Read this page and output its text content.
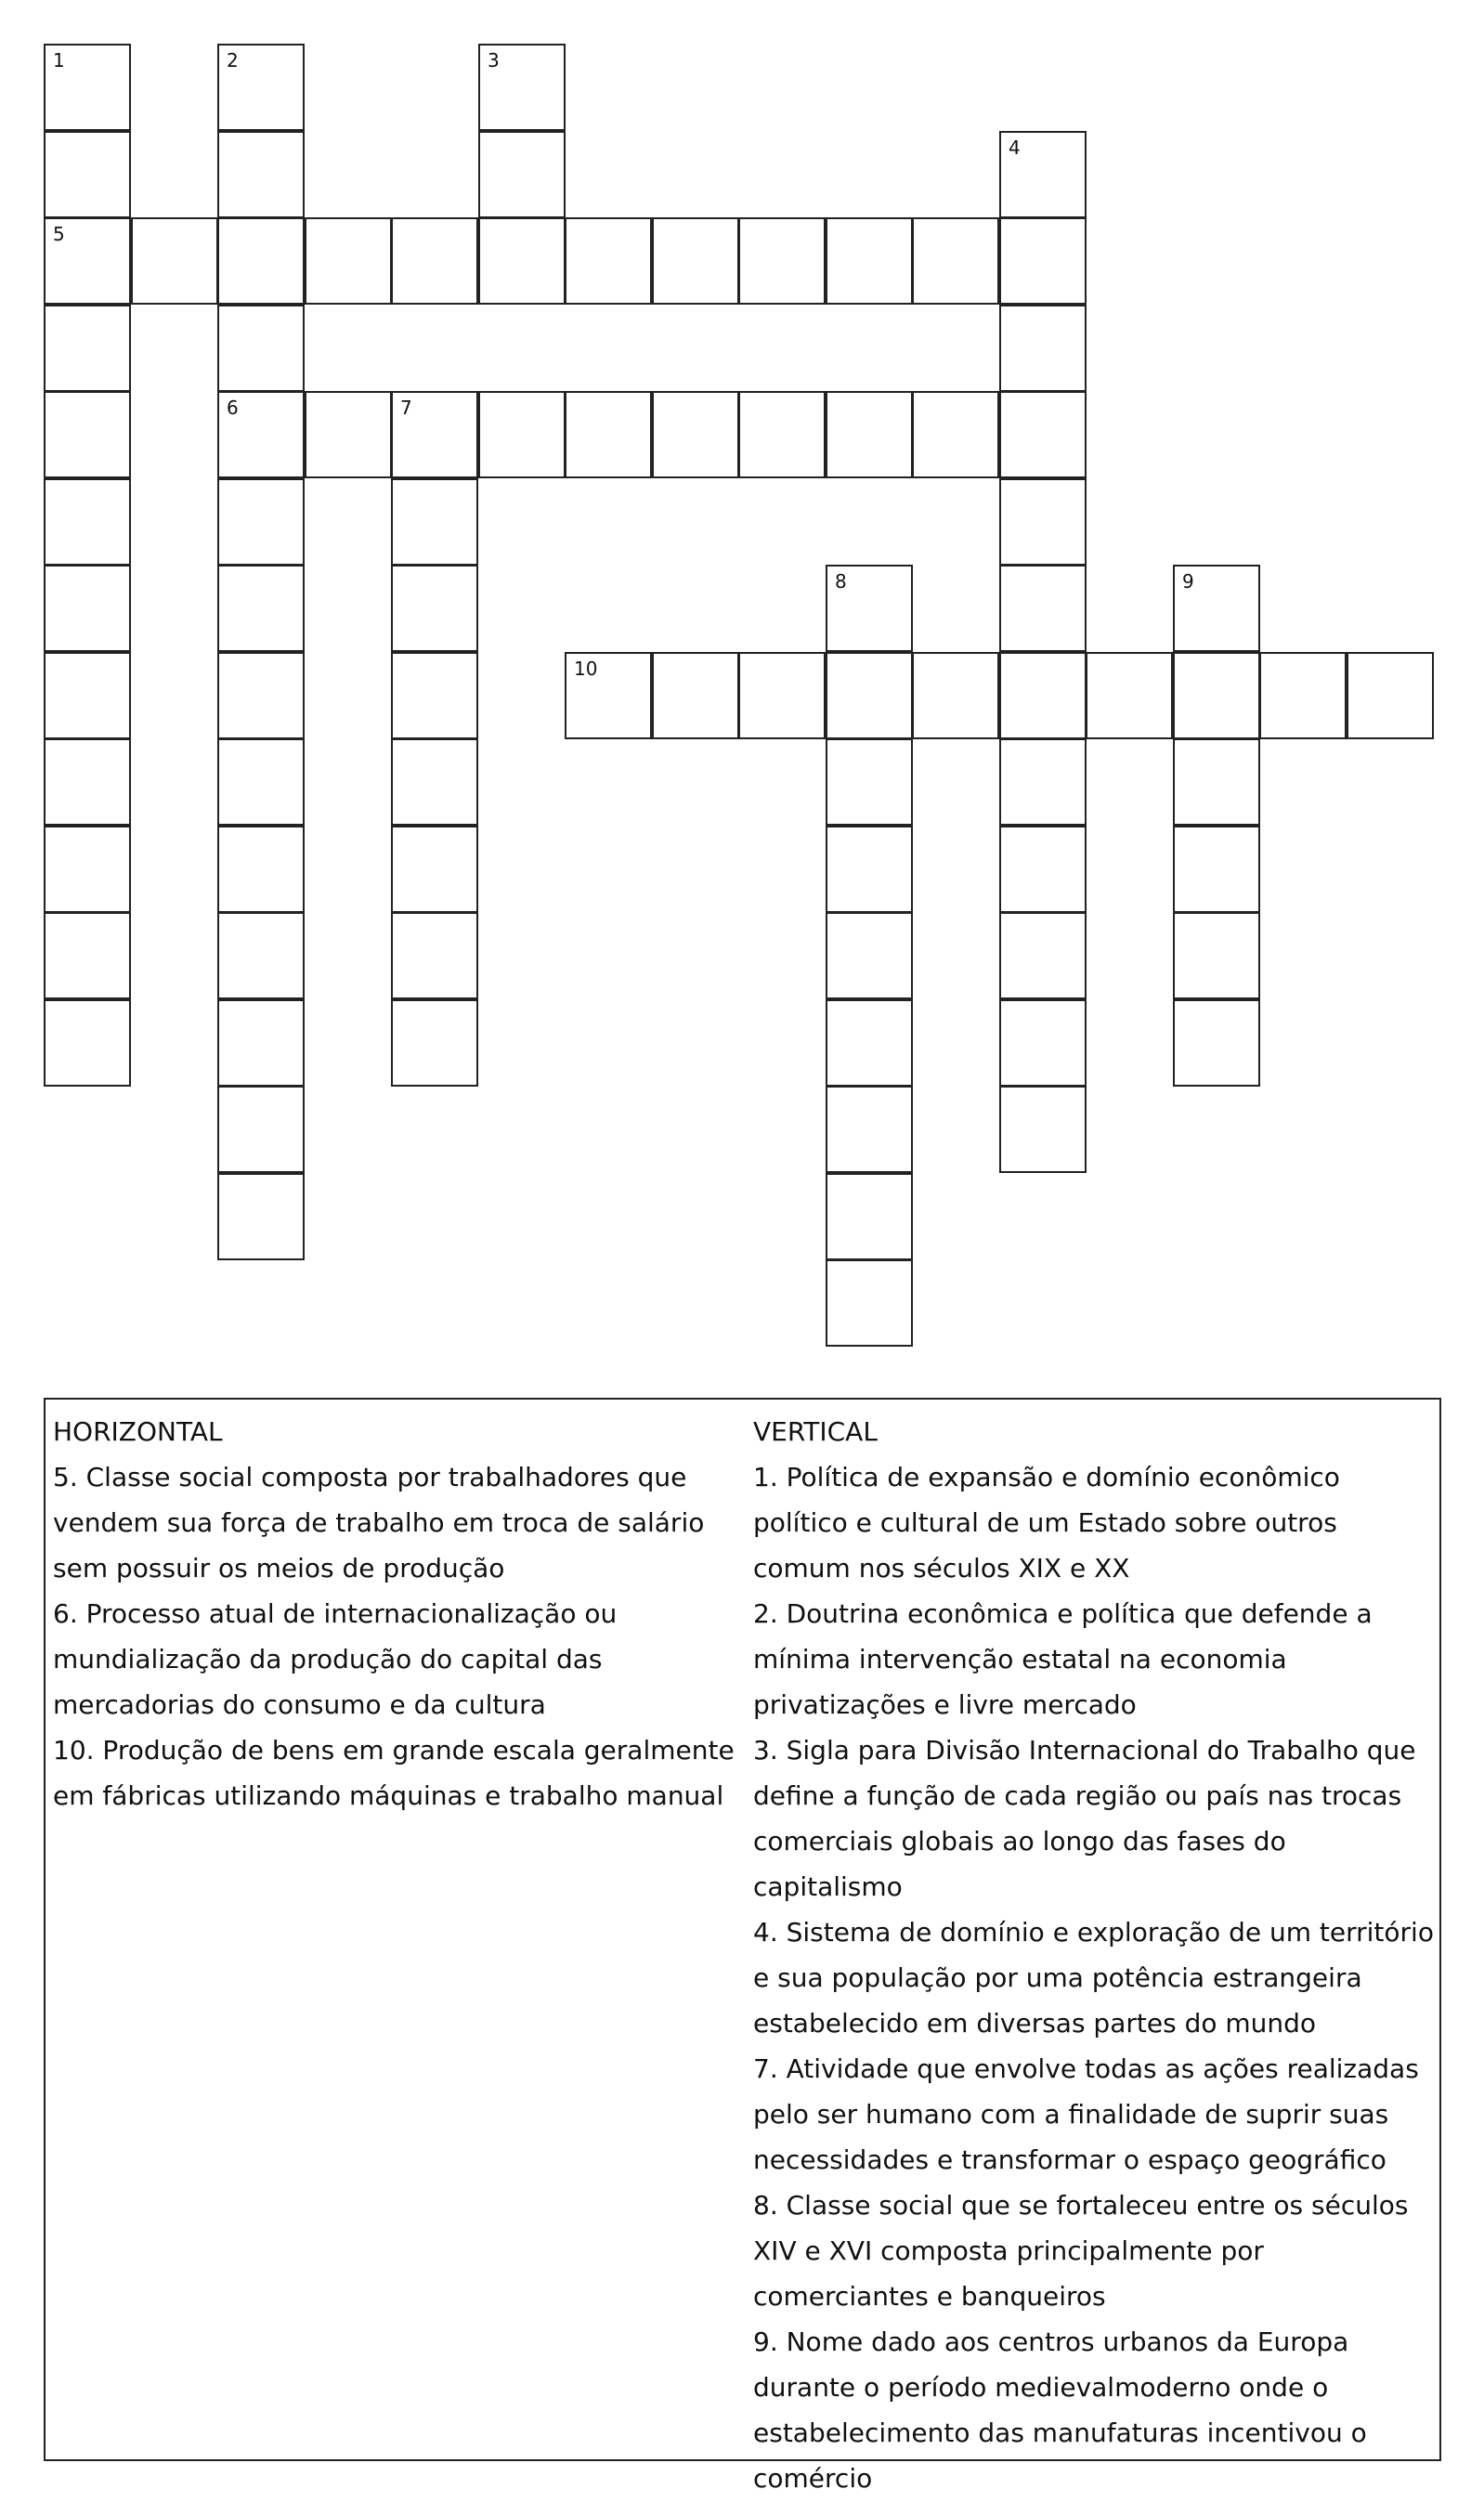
1
5
2
6
3
4
7
8	9
10

HORIZONTAL

5. Classe social composta por trabalhadores que vendem sua força de trabalho em troca de salário sem possuir os meios de produção

6. Processo atual de internacionalização ou mundialização da produção do capital das mercadorias do consumo e da cultura

10. Produção de bens em grande escala geralmente em fábricas utilizando máquinas e trabalho manual

VERTICAL

1. Política de expansão e domínio econômico político e cultural de um Estado sobre outros comum nos séculos XIX e XX

2. Doutrina econômica e política que defende a mínima intervenção estatal na economia privatizações e livre mercado

3. Sigla para Divisão Internacional do Trabalho que define a função de cada região ou país nas trocas comerciais globais ao longo das fases do capitalismo

4. Sistema de domínio e exploração de um território e sua população por uma potência estrangeira estabelecido em diversas partes do mundo

7. Atividade que envolve todas as ações realizadas pelo ser humano com a finalidade de suprir suas necessidades e transformar o espaço geográfico

8. Classe social que se fortaleceu entre os séculos XIV e XVI composta principalmente por comerciantes e banqueiros

9. Nome dado aos centros urbanos da Europa durante o período medievalmoderno onde o estabelecimento das manufaturas incentivou o comércio
